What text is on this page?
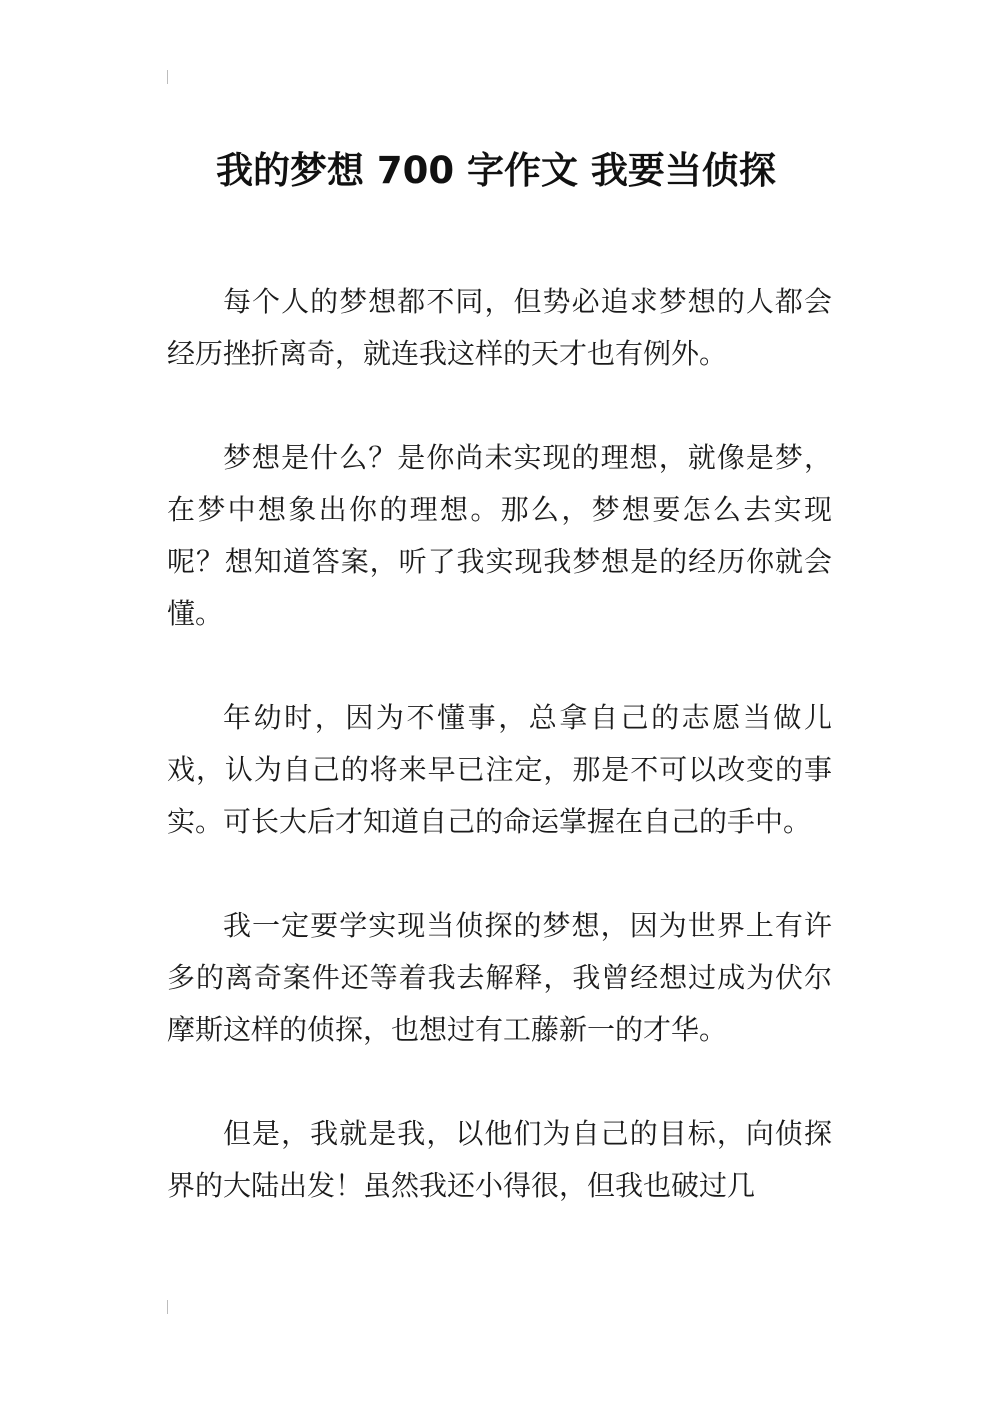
我的梦想 700 字作文 我要当侦探

每个人的梦想都不同，但势必追求梦想的人都会经历挫折离奇，就连我这样的天才也有例外。

梦想是什么？是你尚未实现的理想，就像是梦，在梦中想象出你的理想。那么，梦想要怎么去实现呢？想知道答案，听了我实现我梦想是的经历你就会懂。

年幼时，因为不懂事，总拿自己的志愿当做儿戏，认为自己的将来早已注定，那是不可以改变的事实。可长大后才知道自己的命运掌握在自己的手中。

我一定要学实现当侦探的梦想，因为世界上有许多的离奇案件还等着我去解释，我曾经想过成为伏尔摩斯这样的侦探，也想过有工藤新一的才华。

但是，我就是我，以他们为自己的目标，向侦探界的大陆出发！虽然我还小得很，但我也破过几
